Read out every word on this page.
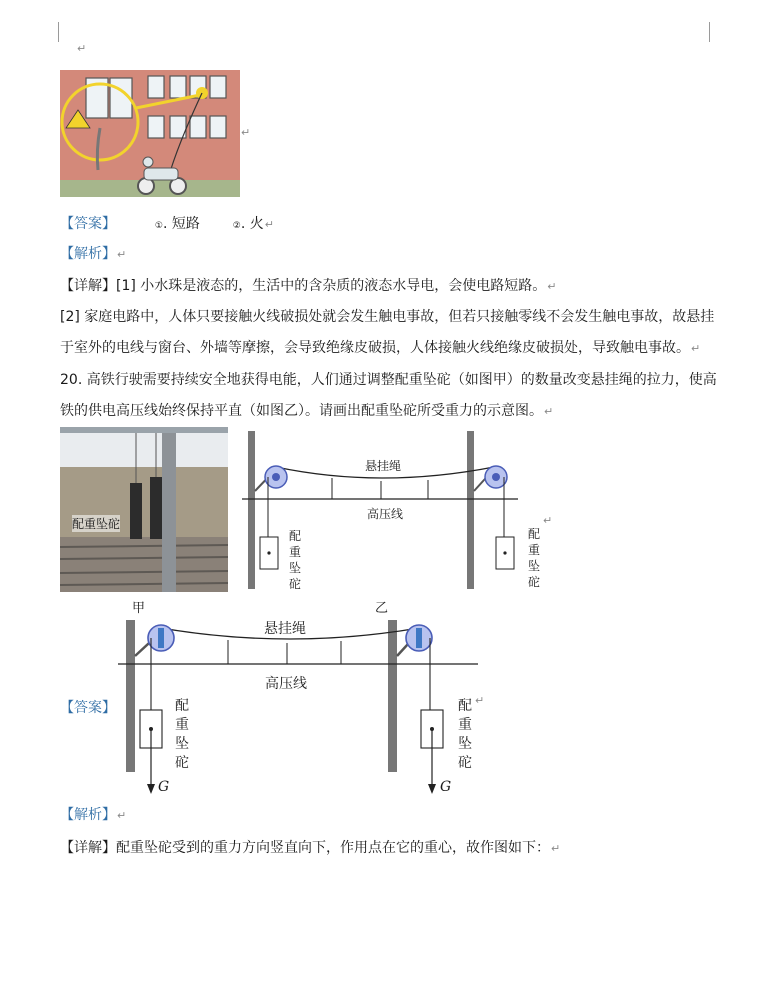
↵
↵
【答案】	①. 短路	②. 火↵
【解析】↵
【详解】[1] 小水珠是液态的，生活中的含杂质的液态水导电，会使电路短路。↵
[2] 家庭电路中，人体只要接触火线破损处就会发生触电事故，但若只接触零线不会发生触电事故，故悬挂
于室外的电线与窗台、外墙等摩擦，会导致绝缘皮破损，人体接触火线绝缘皮破损处，导致触电事故。↵
20. 高铁行驶需要持续安全地获得电能，人们通过调整配重坠砣（如图甲）的数量改变悬挂绳的拉力，使高
铁的供电高压线始终保持平直（如图乙）。请画出配重坠砣所受重力的示意图。↵
配重坠砣
悬挂绳
高压线
配
重
坠
砣
配
重
坠
砣
↵
甲	乙
悬挂绳
高压线
配
重
坠
砣
配
重
坠
砣
↵
G	G
【答案】
【解析】↵
【详解】配重坠砣受到的重力方向竖直向下，作用点在它的重心，故作图如下：↵
